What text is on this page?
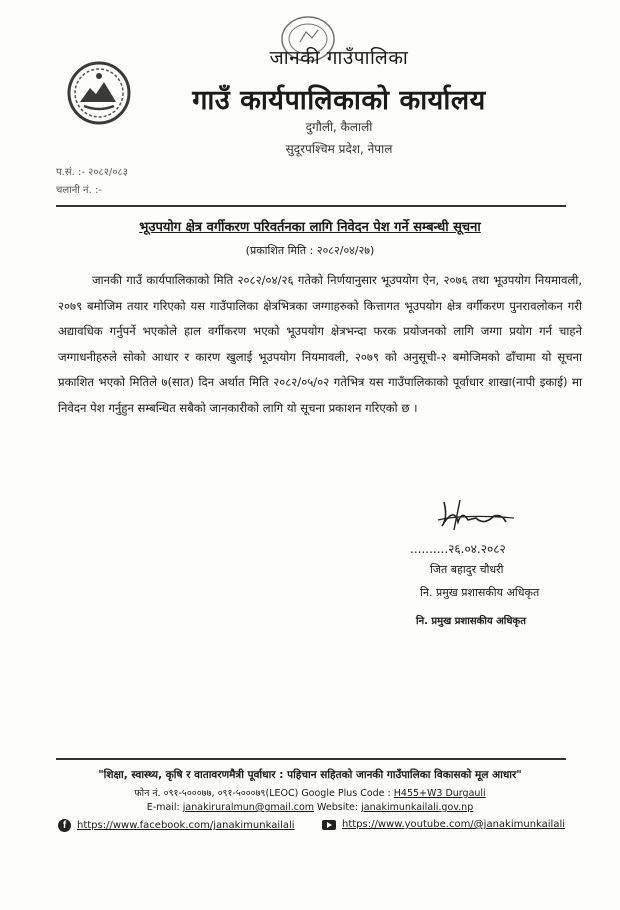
जानकी गाउँपालिका
गाउँ कार्यपालिकाको कार्यालय
दुगौली, कैलाली
सुदूरपश्चिम प्रदेश, नेपाल
प.सं. :- २०८२/०८३
चलानी नं. :-
भूउपयोग क्षेत्र वर्गीकरण परिवर्तनका लागि निवेदन पेश गर्ने सम्बन्धी सूचना
(प्रकाशित मिति : २०८२/०४/२७)
जानकी गाउँ कार्यपालिकाको मिति २०८२/०४/२६ गतेको निर्णयानुसार भूउपयोग ऐन, २०७६ तथा भूउपयोग नियमावली, २०७९ बमोजिम तयार गरिएको यस गाउँपालिका क्षेत्रभित्रका जग्गाहरुको कित्तागत भूउपयोग क्षेत्र वर्गीकरण पुनरावलोकन गरी अद्यावधिक गर्नुपर्ने भएकोले हाल वर्गीकरण भएको भूउपयोग क्षेत्रभन्दा फरक प्रयोजनको लागि जग्गा प्रयोग गर्न चाहने जग्गाधनीहरुले सोको आधार र कारण खुलाई भूउपयोग नियमावली, २०७९ को अनुसूची-२ बमोजिमको ढाँचामा यो सूचना प्रकाशित भएको मितिले ७(सात) दिन अर्थात मिति २०८२/०५/०२ गतेभित्र यस गाउँपालिकाको पूर्वाधार शाखा(नापी इकाई) मा निवेदन पेश गर्नुहुन सम्बन्धित सबैको जानकारीको लागि यो सूचना प्रकाशन गरिएको छ ।
..........२६.०४.२०८२
जित बहादुर चौधरी
नि. प्रमुख प्रशासकीय अधिकृत
नि. प्रमुख प्रशासकीय अधिकृत
"शिक्षा, स्वास्थ्य, कृषि र वातावरणमैत्री पूर्वाधार : पहिचान सहितको जानकी गाउँपालिका विकासको मूल आधार"
फोन नं. ०९१-५०००७७, ०९१-५०००७९(LEOC) Google Plus Code : H455+W3 Durgauli
E-mail: janakiruralmun@gmail.com Website: janakimunkailali.gov.np
f	https://www.facebook.com/janakimunkailali	https://www.youtube.com/@janakimunkailali
